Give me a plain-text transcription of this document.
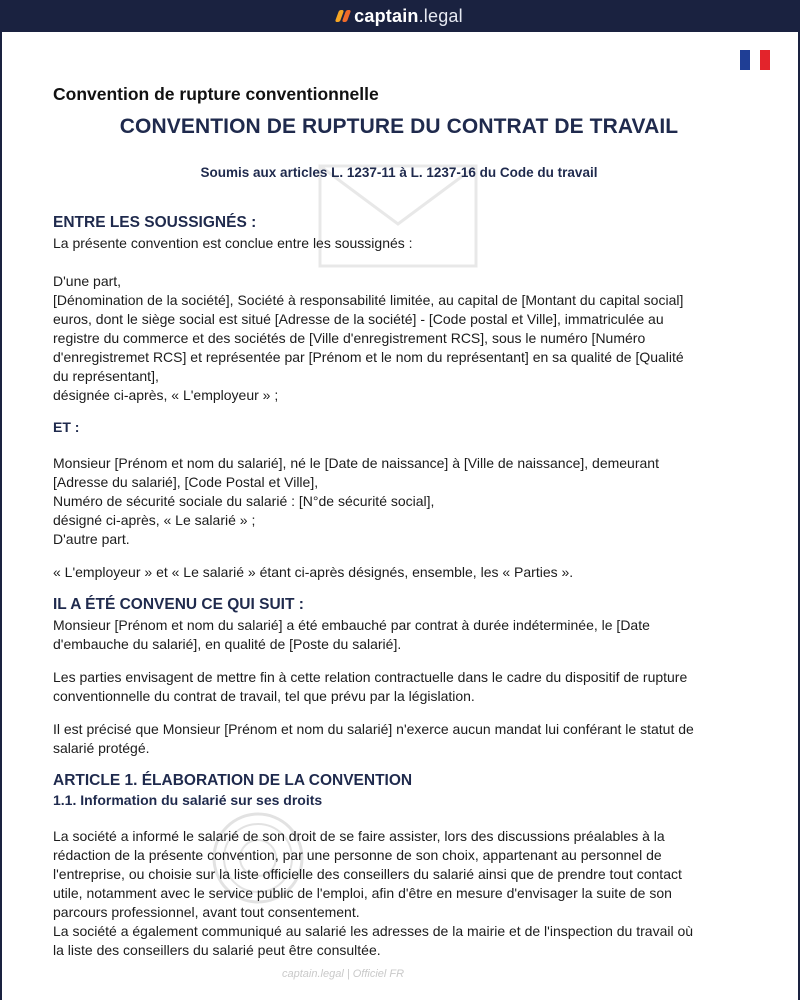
captain.legal
Convention de rupture conventionnelle
CONVENTION DE RUPTURE DU CONTRAT DE TRAVAIL
Soumis aux articles L. 1237-11 à L. 1237-16 du Code du travail
ENTRE LES SOUSSIGNÉS :

La présente convention est conclue entre les soussignés :

D'une part,

[Dénomination de la société], Société à responsabilité limitée, au capital de [Montant du capital social]

euros, dont le siège social est situé [Adresse de la société] - [Code postal et Ville], immatriculée au

registre du commerce et des sociétés de [Ville d'enregistrement RCS], sous le numéro [Numéro

d'enregistremet RCS] et représentée par [Prénom et le nom du représentant] en sa qualité de [Qualité

du représentant],

désignée ci-après, « L'employeur » ;

ET :

Monsieur [Prénom et nom du salarié], né le [Date de naissance] à [Ville de naissance], demeurant

[Adresse du salarié], [Code Postal et Ville],

Numéro de sécurité sociale du salarié : [N°de sécurité social],

désigné ci-après, « Le salarié » ;

D'autre part.

« L'employeur » et « Le salarié » étant ci-après désignés, ensemble, les « Parties ».

IL A ÉTÉ CONVENU CE QUI SUIT :

Monsieur [Prénom et nom du salarié] a été embauché par contrat à durée indéterminée, le [Date

d'embauche du salarié], en qualité de [Poste du salarié].

Les parties envisagent de mettre fin à cette relation contractuelle dans le cadre du dispositif de rupture

conventionnelle du contrat de travail, tel que prévu par la législation.

Il est précisé que Monsieur [Prénom et nom du salarié] n'exerce aucun mandat lui conférant le statut de

salarié protégé.

ARTICLE 1. ÉLABORATION DE LA CONVENTION
1.1. Information du salarié sur ses droits

La société a informé le salarié de son droit de se faire assister, lors des discussions préalables à la

rédaction de la présente convention, par une personne de son choix, appartenant au personnel de

l'entreprise, ou choisie sur la liste officielle des conseillers du salarié ainsi que de prendre tout contact

utile, notamment avec le service public de l'emploi, afin d'être en mesure d'envisager la suite de son

parcours professionnel, avant tout consentement.

La société a également communiqué au salarié les adresses de la mairie et de l'inspection du travail où

la liste des conseillers du salarié peut être consultée.

captain.legal | Officiel FR
